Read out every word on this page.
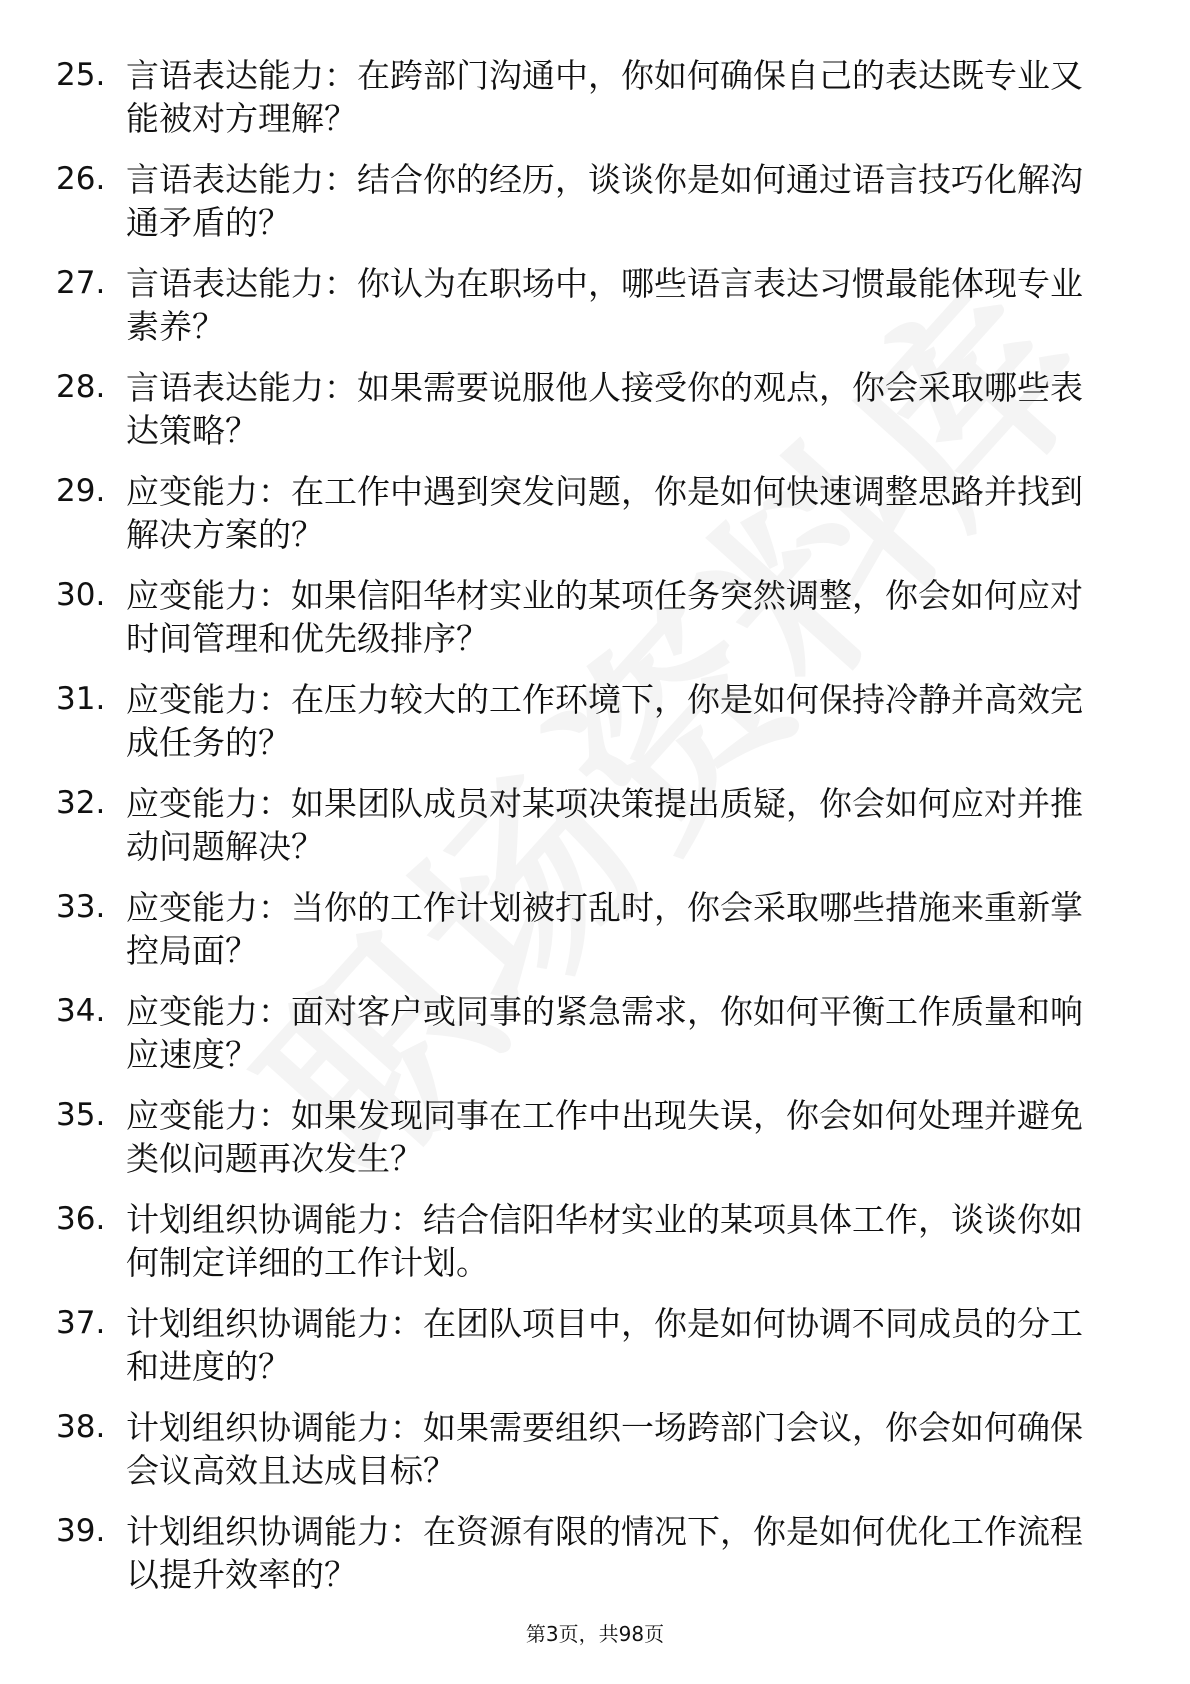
25. 言语表达能力：在跨部门沟通中，你如何确保自己的表达既专业又能被对方理解？
26. 言语表达能力：结合你的经历，谈谈你是如何通过语言技巧化解沟通矛盾的？
27. 言语表达能力：你认为在职场中，哪些语言表达习惯最能体现专业素养？
28. 言语表达能力：如果需要说服他人接受你的观点，你会采取哪些表达策略？
29. 应变能力：在工作中遇到突发问题，你是如何快速调整思路并找到解决方案的？
30. 应变能力：如果信阳华材实业的某项任务突然调整，你会如何应对时间管理和优先级排序？
31. 应变能力：在压力较大的工作环境下，你是如何保持冷静并高效完成任务的？
32. 应变能力：如果团队成员对某项决策提出质疑，你会如何应对并推动问题解决？
33. 应变能力：当你的工作计划被打乱时，你会采取哪些措施来重新掌控局面？
34. 应变能力：面对客户或同事的紧急需求，你如何平衡工作质量和响应速度？
35. 应变能力：如果发现同事在工作中出现失误，你会如何处理并避免类似问题再次发生？
36. 计划组织协调能力：结合信阳华材实业的某项具体工作，谈谈你如何制定详细的工作计划。
37. 计划组织协调能力：在团队项目中，你是如何协调不同成员的分工和进度的？
38. 计划组织协调能力：如果需要组织一场跨部门会议，你会如何确保会议高效且达成目标？
39. 计划组织协调能力：在资源有限的情况下，你是如何优化工作流程以提升效率的？
第3页，共98页
